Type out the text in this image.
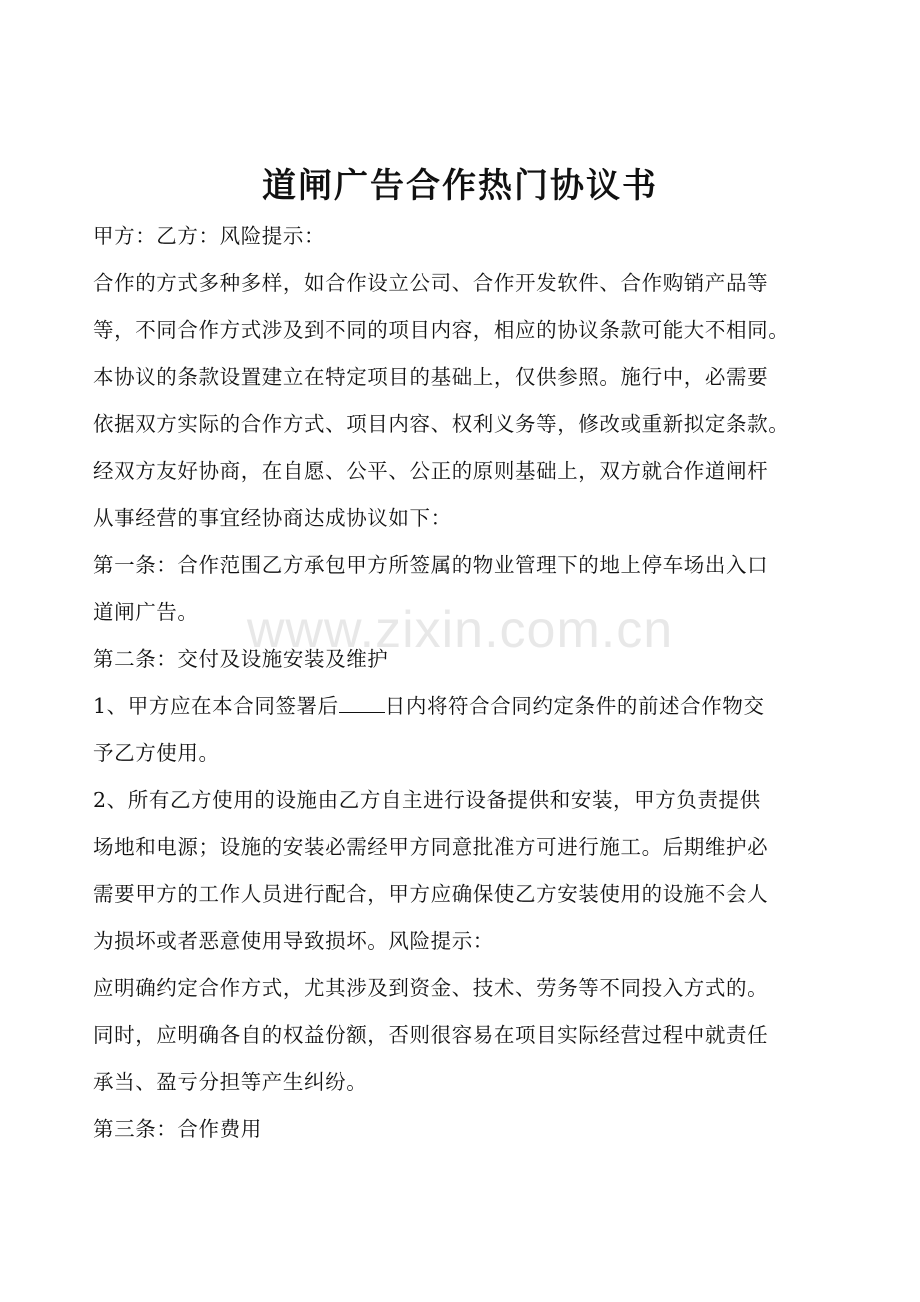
道闸广告合作热门协议书
甲方：乙方：风险提示：
合作的方式多种多样，如合作设立公司、合作开发软件、合作购销产品等
等，不同合作方式涉及到不同的项目内容，相应的协议条款可能大不相同。
本协议的条款设置建立在特定项目的基础上，仅供参照。施行中，必需要
依据双方实际的合作方式、项目内容、权利义务等，修改或重新拟定条款。
经双方友好协商，在自愿、公平、公正的原则基础上，双方就合作道闸杆
从事经营的事宜经协商达成协议如下：
第一条：合作范围乙方承包甲方所签属的物业管理下的地上停车场出入口
道闸广告。
第二条：交付及设施安装及维护
1、甲方应在本合同签署后 日内将符合合同约定条件的前述合作物交
予乙方使用。
2、所有乙方使用的设施由乙方自主进行设备提供和安装，甲方负责提供
场地和电源；设施的安装必需经甲方同意批准方可进行施工。后期维护必
需要甲方的工作人员进行配合，甲方应确保使乙方安装使用的设施不会人
为损坏或者恶意使用导致损坏。风险提示：
应明确约定合作方式，尤其涉及到资金、技术、劳务等不同投入方式的。
同时，应明确各自的权益份额，否则很容易在项目实际经营过程中就责任
承当、盈亏分担等产生纠纷。
第三条：合作费用
www.zixin.com.cn
